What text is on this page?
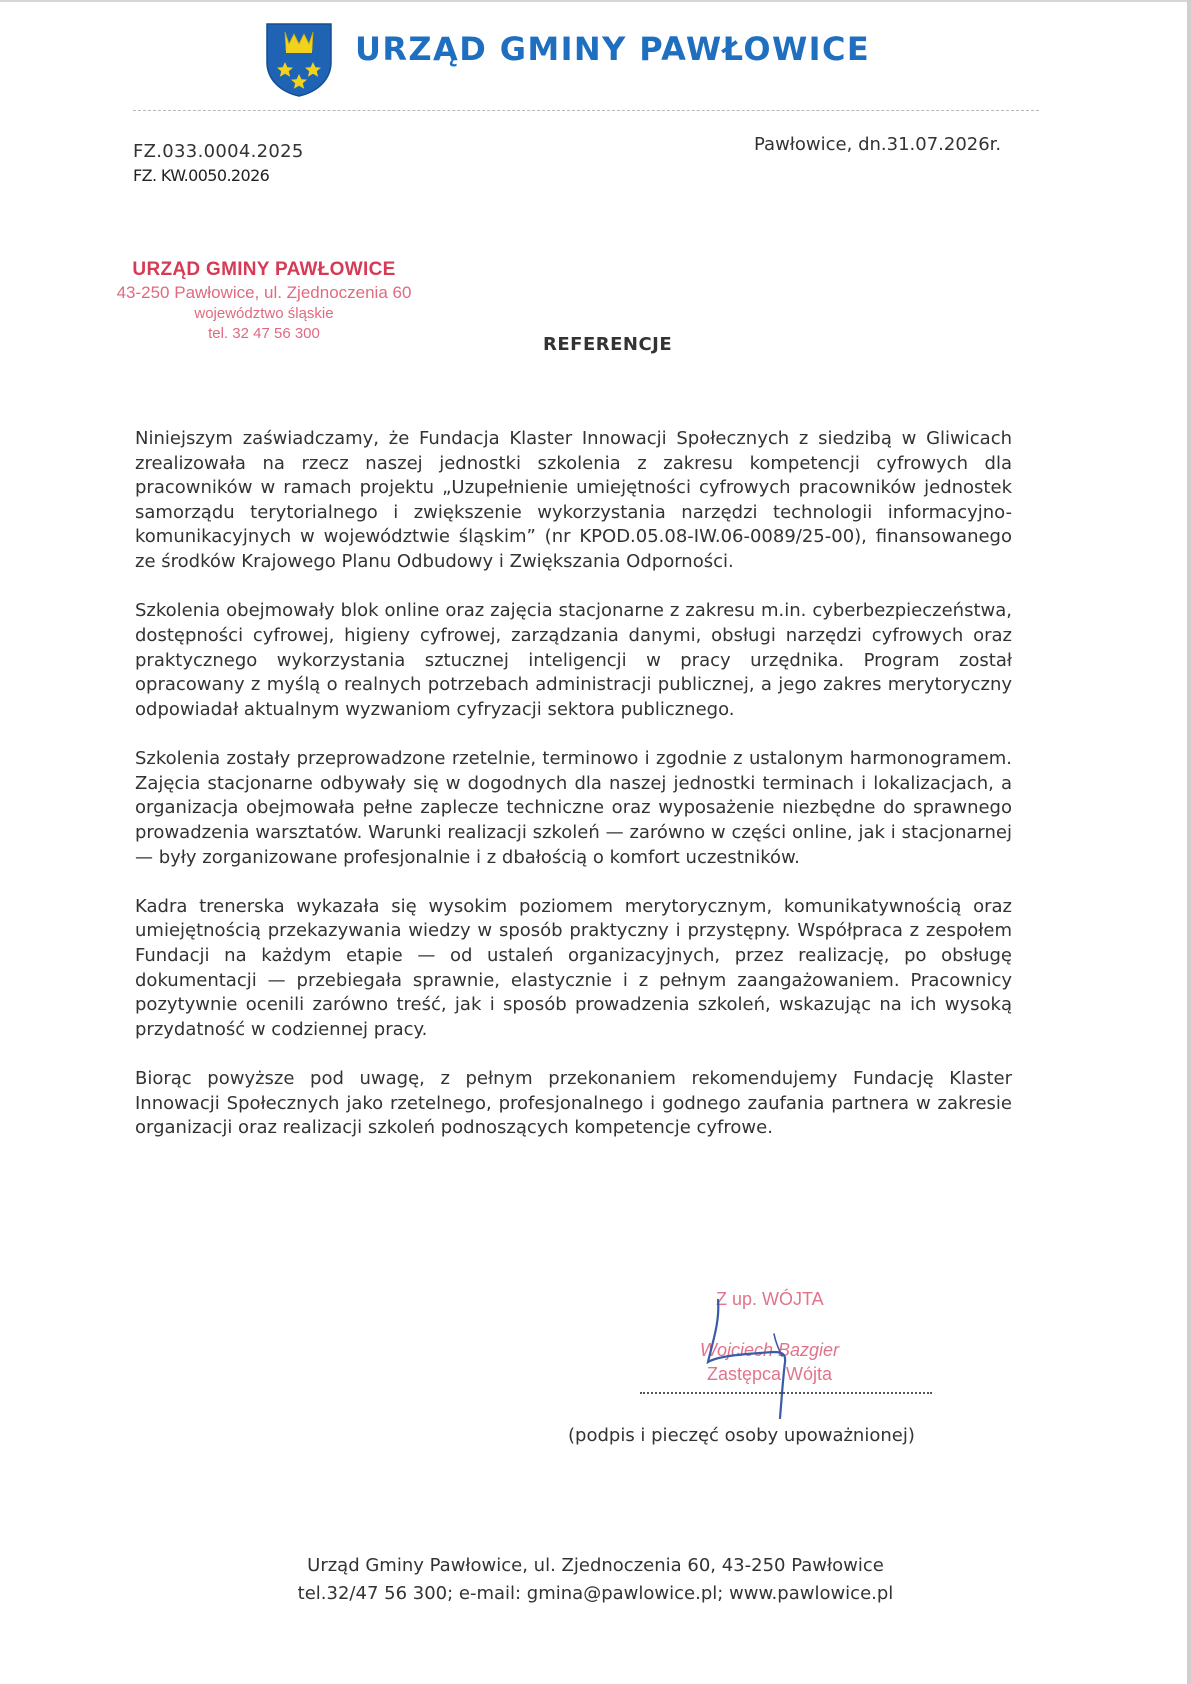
URZĄD GMINY PAWŁOWICE
FZ.033.0004.2025
FZ. KW.0050.2026
Pawłowice, dn.31.07.2026r.
URZĄD GMINY PAWŁOWICE
43-250 Pawłowice, ul. Zjednoczenia 60
województwo śląskie
tel. 32 47 56 300
REFERENCJE

Niniejszym zaświadczamy, że Fundacja Klaster Innowacji Społecznych z siedzibą w Gliwicach zrealizowała na rzecz naszej jednostki szkolenia z zakresu kompetencji cyfrowych dla pracowników w ramach projektu „Uzupełnienie umiejętności cyfrowych pracowników jednostek samorządu terytorialnego i zwiększenie wykorzystania narzędzi technologii informacyjno-komunikacyjnych w województwie śląskim” (nr KPOD.05.08-IW.06-0089/25-00), finansowanego ze środków Krajowego Planu Odbudowy i Zwiększania Odporności.

Szkolenia obejmowały blok online oraz zajęcia stacjonarne z zakresu m.in. cyberbezpieczeństwa, dostępności cyfrowej, higieny cyfrowej, zarządzania danymi, obsługi narzędzi cyfrowych oraz praktycznego wykorzystania sztucznej inteligencji w pracy urzędnika. Program został opracowany z myślą o realnych potrzebach administracji publicznej, a jego zakres merytoryczny odpowiadał aktualnym wyzwaniom cyfryzacji sektora publicznego.

Szkolenia zostały przeprowadzone rzetelnie, terminowo i zgodnie z ustalonym harmonogramem. Zajęcia stacjonarne odbywały się w dogodnych dla naszej jednostki terminach i lokalizacjach, a organizacja obejmowała pełne zaplecze techniczne oraz wyposażenie niezbędne do sprawnego prowadzenia warsztatów. Warunki realizacji szkoleń — zarówno w części online, jak i stacjonarnej — były zorganizowane profesjonalnie i z dbałością o komfort uczestników.

Kadra trenerska wykazała się wysokim poziomem merytorycznym, komunikatywnością oraz umiejętnością przekazywania wiedzy w sposób praktyczny i przystępny. Współpraca z zespołem Fundacji na każdym etapie — od ustaleń organizacyjnych, przez realizację, po obsługę dokumentacji — przebiegała sprawnie, elastycznie i z pełnym zaangażowaniem. Pracownicy pozytywnie ocenili zarówno treść, jak i sposób prowadzenia szkoleń, wskazując na ich wysoką przydatność w codziennej pracy.

Biorąc powyższe pod uwagę, z pełnym przekonaniem rekomendujemy Fundację Klaster Innowacji Społecznych jako rzetelnego, profesjonalnego i godnego zaufania partnera w zakresie organizacji oraz realizacji szkoleń podnoszących kompetencje cyfrowe.

Z up. WÓJTA
Wojciech Bazgier
Zastępca Wójta
(podpis i pieczęć osoby upoważnionej)
Urząd Gminy Pawłowice, ul. Zjednoczenia 60, 43-250 Pawłowice
tel.32/47 56 300; e-mail: gmina@pawlowice.pl; www.pawlowice.pl
